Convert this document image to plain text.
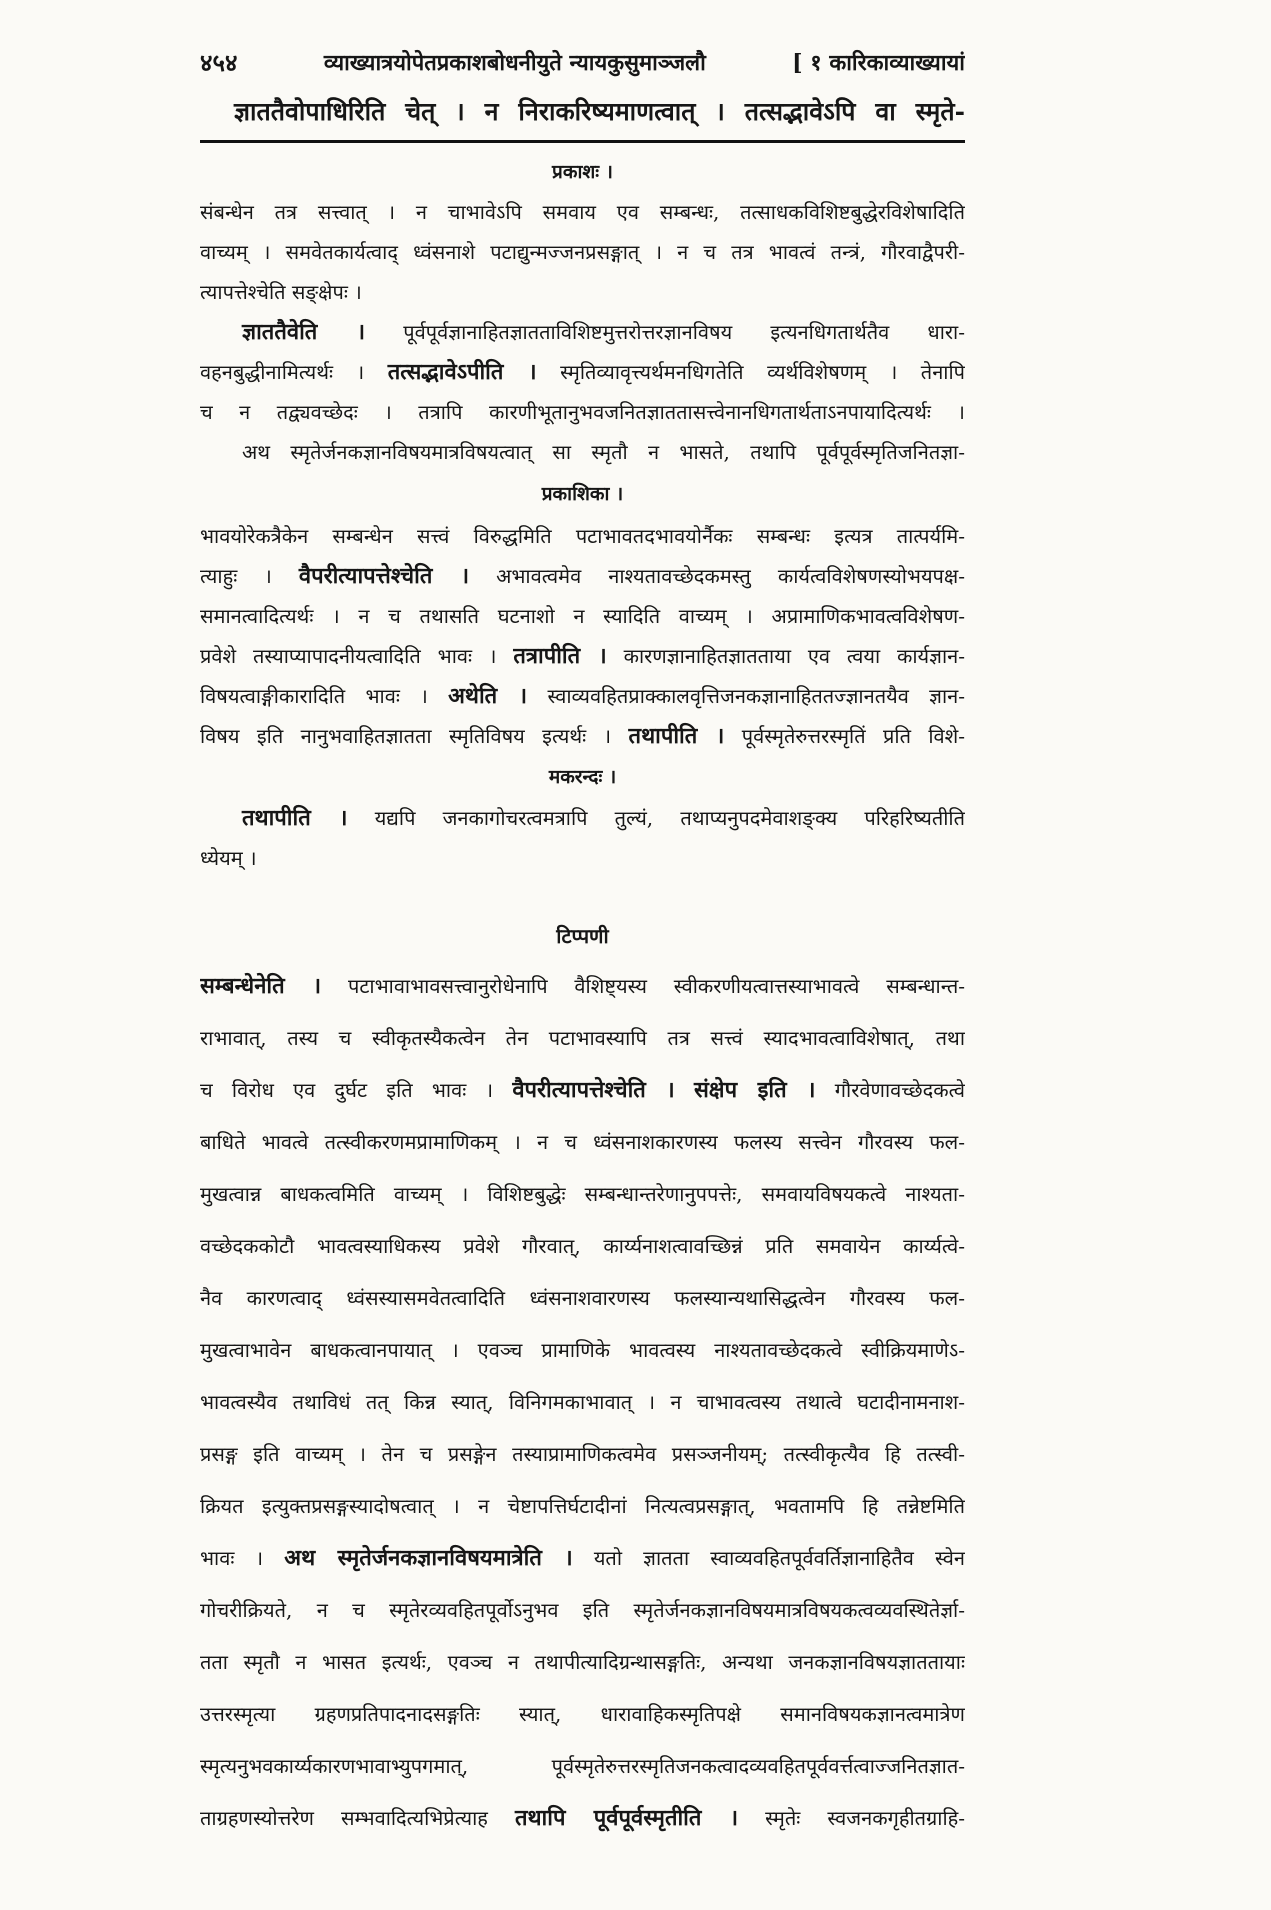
४५४	व्याख्यात्रयोपेतप्रकाशबोधनीयुते न्यायकुसुमाञ्जलौ	[ १ कारिकाव्याख्यायां
ज्ञाततैवोपाधिरिति चेत् । न निराकरिष्यमाणत्वात् । तत्सद्भावेऽपि वा स्मृते-
प्रकाशः ।
संबन्धेन तत्र सत्त्वात् । न चाभावेऽपि समवाय एव सम्बन्धः, तत्साधकविशिष्टबुद्धेरविशेषादिति
वाच्यम् । समवेतकार्यत्वाद् ध्वंसनाशे पटाद्युन्मज्जनप्रसङ्गात् । न च तत्र भावत्वं तन्त्रं, गौरवाद्वैपरी-
त्यापत्तेश्चेति सङ्क्षेपः ।
ज्ञाततैवेति । पूर्वपूर्वज्ञानाहितज्ञातताविशिष्टमुत्तरोत्तरज्ञानविषय इत्यनधिगतार्थतैव धारा-
वहनबुद्धीनामित्यर्थः । तत्सद्भावेऽपीति । स्मृतिव्यावृत्त्यर्थमनधिगतेति व्यर्थविशेषणम् । तेनापि
च न तद्व्यवच्छेदः । तत्रापि कारणीभूतानुभवजनितज्ञाततासत्त्वेनानधिगतार्थताऽनपायादित्यर्थः ।
अथ स्मृतेर्जनकज्ञानविषयमात्रविषयत्वात् सा स्मृतौ न भासते, तथापि पूर्वपूर्वस्मृतिजनितज्ञा-
प्रकाशिका ।
भावयोरेकत्रैकेन सम्बन्धेन सत्त्वं विरुद्धमिति पटाभावतदभावयोर्नैकः सम्बन्धः इत्यत्र तात्पर्यमि-
त्याहुः । वैपरीत्यापत्तेश्चेति । अभावत्वमेव नाश्यतावच्छेदकमस्तु कार्यत्वविशेषणस्योभयपक्ष-
समानत्वादित्यर्थः । न च तथासति घटनाशो न स्यादिति वाच्यम् । अप्रामाणिकभावत्वविशेषण-
प्रवेशे तस्याप्यापादनीयत्वादिति भावः । तत्रापीति । कारणज्ञानाहितज्ञातताया एव त्वया कार्यज्ञान-
विषयत्वाङ्गीकारादिति भावः । अथेति । स्वाव्यवहितप्राक्कालवृत्तिजनकज्ञानाहिततज्ज्ञानतयैव ज्ञान-
विषय इति नानुभवाहितज्ञातता स्मृतिविषय इत्यर्थः । तथापीति । पूर्वस्मृतेरुत्तरस्मृतिं प्रति विशे-
मकरन्दः ।
तथापीति । यद्यपि जनकागोचरत्वमत्रापि तुल्यं, तथाप्यनुपदमेवाशङ्क्य परिहरिष्यतीति
ध्येयम् ।
टिप्पणी
सम्बन्धेनेति । पटाभावाभावसत्त्वानुरोधेनापि वैशिष्ट्यस्य स्वीकरणीयत्वात्तस्याभावत्वे सम्बन्धान्त-
राभावात्, तस्य च स्वीकृतस्यैकत्वेन तेन पटाभावस्यापि तत्र सत्त्वं स्यादभावत्वाविशेषात्, तथा
च विरोध एव दुर्घट इति भावः । वैपरीत्यापत्तेश्चेति । संक्षेप इति । गौरवेणावच्छेदकत्वे
बाधिते भावत्वे तत्स्वीकरणमप्रामाणिकम् । न च ध्वंसनाशकारणस्य फलस्य सत्त्वेन गौरवस्य फल-
मुखत्वान्न बाधकत्वमिति वाच्यम् । विशिष्टबुद्धेः सम्बन्धान्तरेणानुपपत्तेः, समवायविषयकत्वे नाश्यता-
वच्छेदककोटौ भावत्वस्याधिकस्य प्रवेशे गौरवात्, कार्य्यनाशत्वावच्छिन्नं प्रति समवायेन कार्य्यत्वे-
नैव कारणत्वाद् ध्वंसस्यासमवेतत्वादिति ध्वंसनाशवारणस्य फलस्यान्यथासिद्धत्वेन गौरवस्य फल-
मुखत्वाभावेन बाधकत्वानपायात् । एवञ्च प्रामाणिके भावत्वस्य नाश्यतावच्छेदकत्वे स्वीक्रियमाणेऽ-
भावत्वस्यैव तथाविधं तत् किन्न स्यात्, विनिगमकाभावात् । न चाभावत्वस्य तथात्वे घटादीनामनाश-
प्रसङ्ग इति वाच्यम् । तेन च प्रसङ्गेन तस्याप्रामाणिकत्वमेव प्रसञ्जनीयम्; तत्स्वीकृत्यैव हि तत्स्वी-
क्रियत इत्युक्तप्रसङ्गस्यादोषत्वात् । न चेष्टापत्तिर्घटादीनां नित्यत्वप्रसङ्गात्, भवतामपि हि तन्नेष्टमिति
भावः । अथ स्मृतेर्जनकज्ञानविषयमात्रेति । यतो ज्ञातता स्वाव्यवहितपूर्ववर्तिज्ञानाहितैव स्वेन
गोचरीक्रियते, न च स्मृतेरव्यवहितपूर्वोऽनुभव इति स्मृतेर्जनकज्ञानविषयमात्रविषयकत्वव्यवस्थितेर्ज्ञा-
तता स्मृतौ न भासत इत्यर्थः, एवञ्च न तथापीत्यादिग्रन्थासङ्गतिः, अन्यथा जनकज्ञानविषयज्ञाततायाः
उत्तरस्मृत्या ग्रहणप्रतिपादनादसङ्गतिः स्यात्, धारावाहिकस्मृतिपक्षे समानविषयकज्ञानत्वमात्रेण
स्मृत्यनुभवकार्य्यकारणभावाभ्युपगमात्, पूर्वस्मृतेरुत्तरस्मृतिजनकत्वादव्यवहितपूर्ववर्त्तत्वाज्जनितज्ञात-
ताग्रहणस्योत्तरेण सम्भवादित्यभिप्रेत्याह तथापि पूर्वपूर्वस्मृतीति । स्मृतेः स्वजनकगृहीतग्राहि-
